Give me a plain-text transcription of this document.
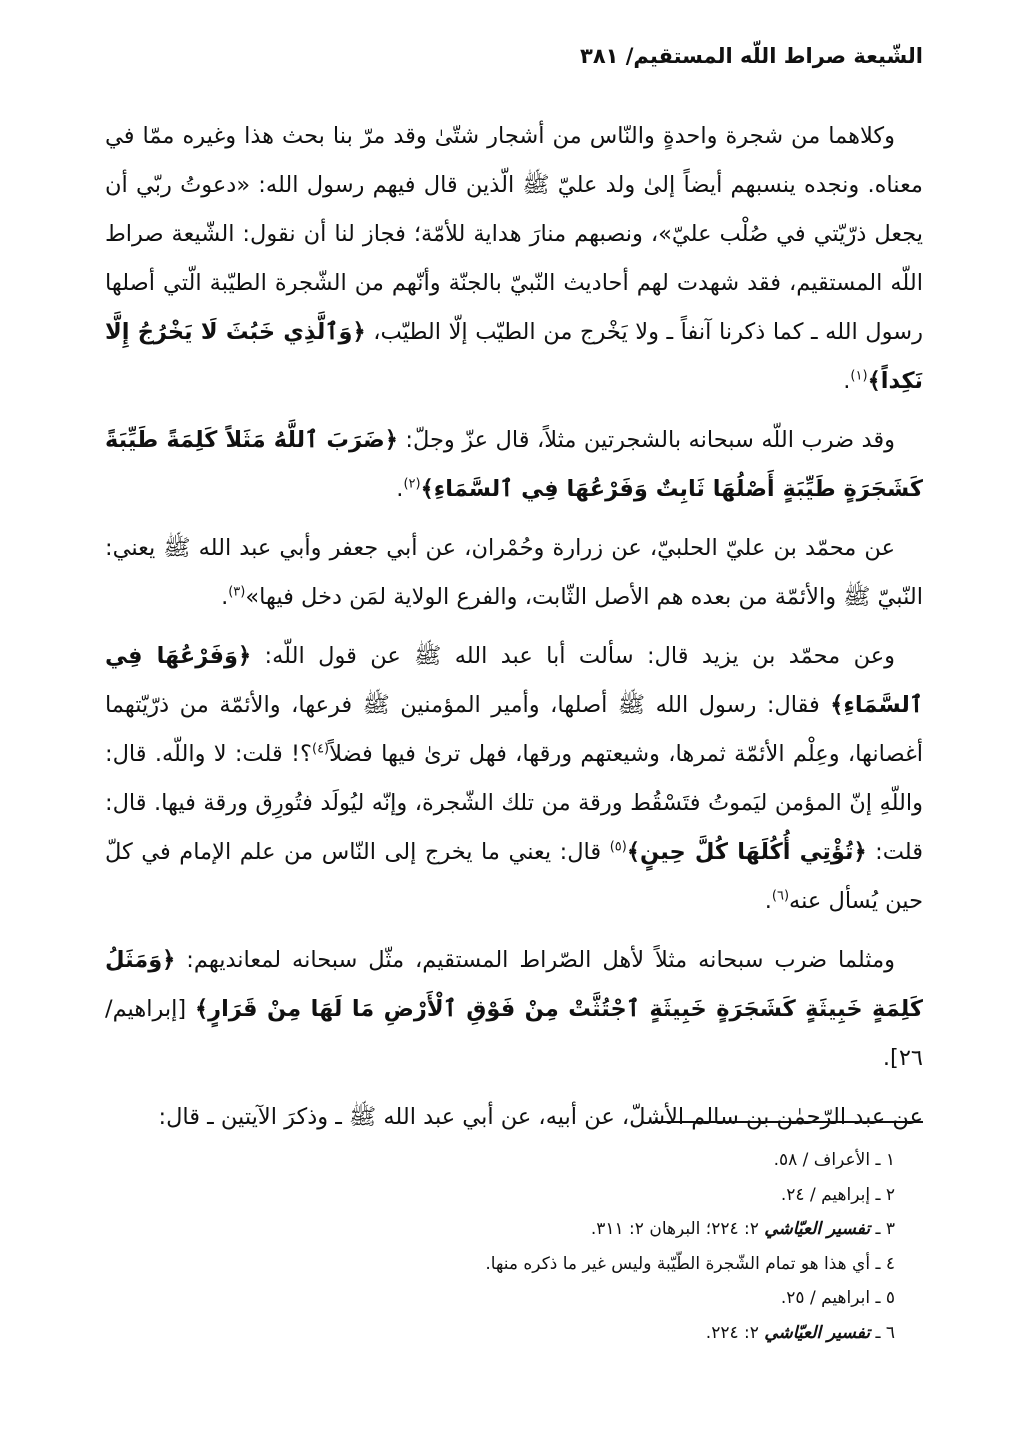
الشّيعة صراط اللّه المستقيم/ ٣٨١

وكلاهما من شجرة واحدةٍ والنّاس من أشجار شتّىٰ وقد مرّ بنا بحث هذا وغيره ممّا في معناه. ونجده ينسبهم أيضاً إلىٰ ولد عليّ ﷺ الّذين قال فيهم رسول الله: «دعوتُ ربّي أن يجعل ذرّيّتي في صُلْب عليّ»، ونصبهم منارَ هداية للأمّة؛ فجاز لنا أن نقول: الشّيعة صراط اللّه المستقيم، فقد شهدت لهم أحاديث النّبيّ بالجنّة وأنّهم من الشّجرة الطيّبة الّتي أصلها رسول الله ـ كما ذكرنا آنفاً ـ ولا يَخْرج من الطيّب إلّا الطيّب، ﴿وَٱلَّذِي خَبُثَ لَا يَخْرُجُ إِلَّا نَكِداً﴾$^{(١)}$.

وقد ضرب اللّه سبحانه بالشجرتين مثلاً، قال عزّ وجلّ: ﴿ضَرَبَ ٱللَّهُ مَثَلاً كَلِمَةً طَيِّبَةً كَشَجَرَةٍ طَيِّبَةٍ أَصْلُهَا ثَابِتٌ وَفَرْعُهَا فِي ٱلسَّمَاءِ﴾$^{(٢)}$.

عن محمّد بن عليّ الحلبيّ، عن زرارة وحُمْران، عن أبي جعفر وأبي عبد الله ﷺ يعني: النّبيّ ﷺ والأئمّة من بعده هم الأصل الثّابت، والفرع الولاية لمَن دخل فيها»$^{(٣)}$.

وعن محمّد بن يزيد قال: سألت أبا عبد الله ﷺ عن قول اللّه: ﴿وَفَرْعُهَا فِي ٱلسَّمَاءِ﴾ فقال: رسول الله ﷺ أصلها، وأمير المؤمنين ﷺ فرعها، والأئمّة من ذرّيّتهما أغصانها، وعِلْم الأئمّة ثمرها، وشيعتهم ورقها، فهل ترىٰ فيها فضلاً$^{(٤)}$؟! قلت: لا واللّه. قال: واللّهِ إنّ المؤمن ليَموتُ فتَسْقُط ورقة من تلك الشّجرة، وإنّه ليُولَد فتُورِق ورقة فيها. قال: قلت: ﴿تُؤْتِي أُكُلَهَا كُلَّ حِينٍ﴾$^{(٥)}$ قال: يعني ما يخرج إلى النّاس من علم الإمام في كلّ حين يُسأل عنه$^{(٦)}$.

ومثلما ضرب سبحانه مثلاً لأهل الصّراط المستقيم، مثّل سبحانه لمعانديهم: ﴿وَمَثَلُ كَلِمَةٍ خَبِيثَةٍ كَشَجَرَةٍ خَبِيثَةٍ ٱجْتُثَّتْ مِنْ فَوْقِ ٱلْأَرْضِ مَا لَهَا مِنْ قَرَارٍ﴾ [إبراهيم/ ٢٦].

عن عبد الرّحمٰن بن سالم الأشلّ، عن أبيه، عن أبي عبد الله ﷺ ـ وذكرَ الآيتين ـ قال:

١ ـ الأعراف / ٥٨.
٢ ـ إبراهيم / ٢٤.
٣ ـ تفسير العيّاشي ٢: ٢٢٤؛ البرهان ٢: ٣١١.
٤ ـ أي هذا هو تمام الشّجرة الطّيّبة وليس غير ما ذكره منها.
٥ ـ ابراهيم / ٢٥.
٦ ـ تفسير العيّاشي ٢: ٢٢٤.
